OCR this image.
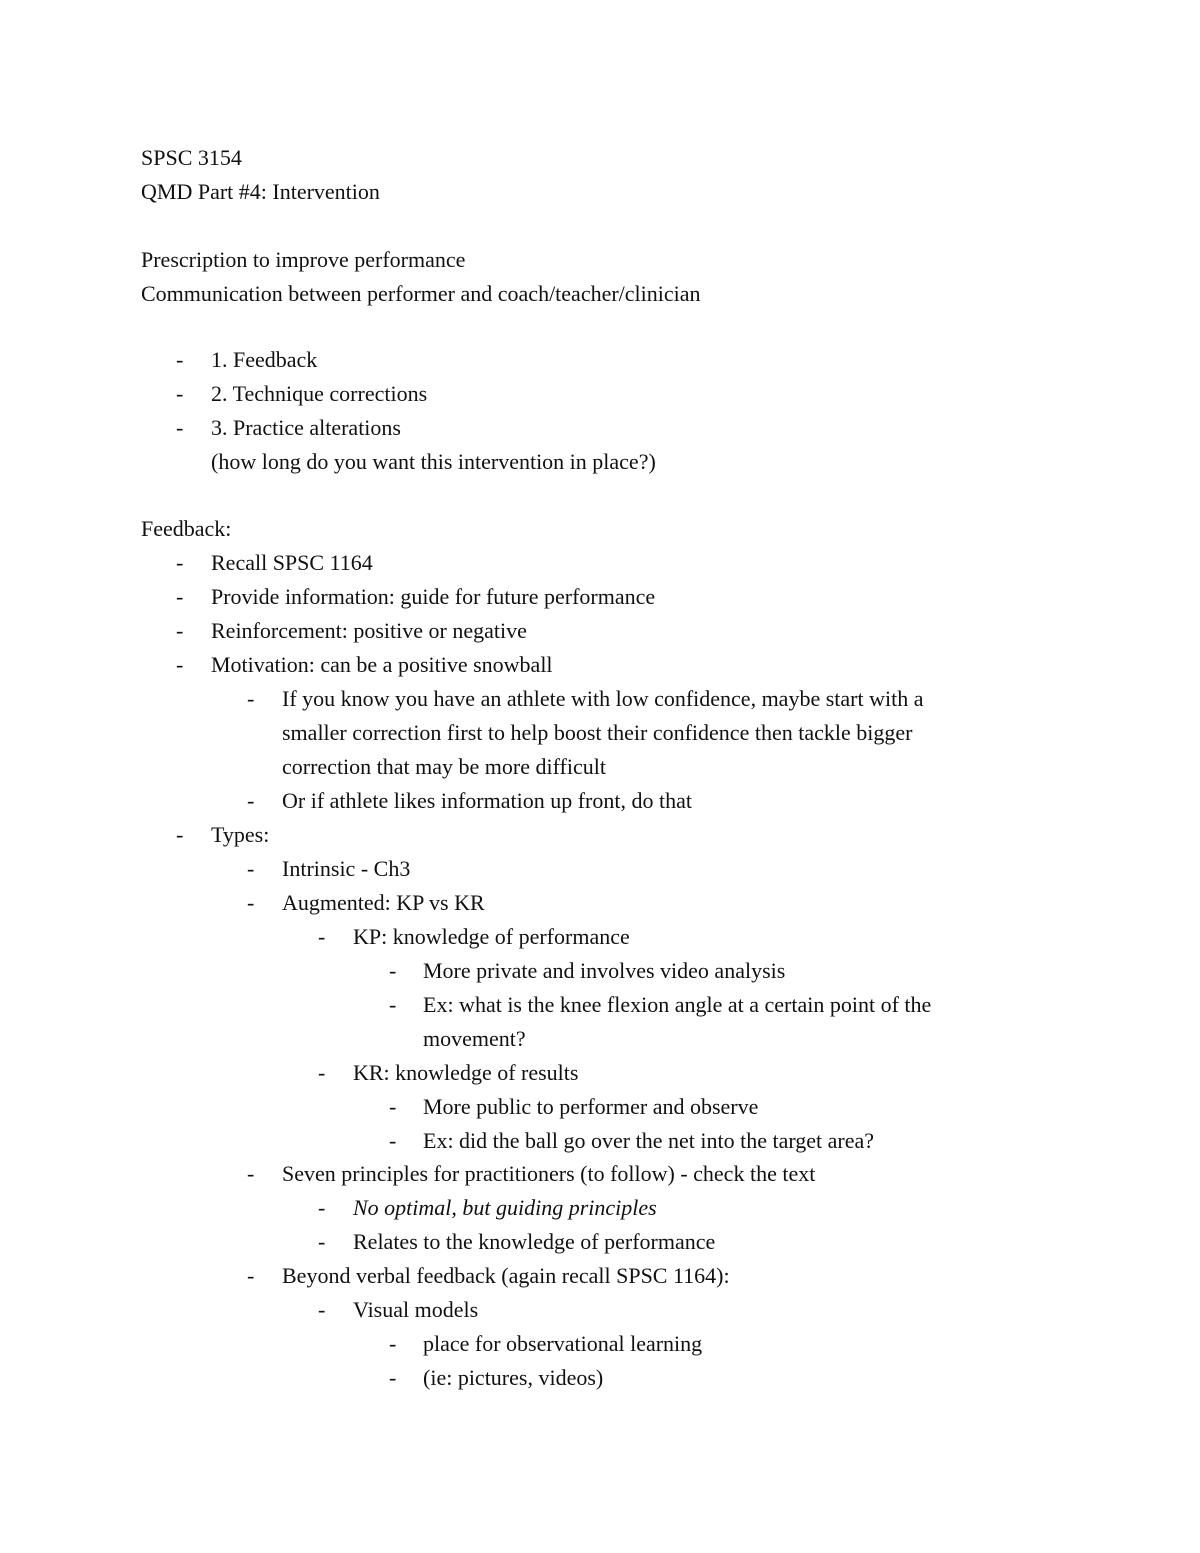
SPSC 3154
QMD Part #4: Intervention
Prescription to improve performance
Communication between performer and coach/teacher/clinician
- 1. Feedback
- 2. Technique corrections
- 3. Practice alterations
(how long do you want this intervention in place?)
Feedback:
- Recall SPSC 1164
- Provide information: guide for future performance
- Reinforcement: positive or negative
- Motivation: can be a positive snowball
- If you know you have an athlete with low confidence, maybe start with a
smaller correction first to help boost their confidence then tackle bigger
correction that may be more difficult
- Or if athlete likes information up front, do that
- Types:
- Intrinsic - Ch3
- Augmented: KP vs KR
- KP: knowledge of performance
- More private and involves video analysis
- Ex: what is the knee flexion angle at a certain point of the
movement?
- KR: knowledge of results
- More public to performer and observe
- Ex: did the ball go over the net into the target area?
- Seven principles for practitioners (to follow) - check the text
- No optimal, but guiding principles
- Relates to the knowledge of performance
- Beyond verbal feedback (again recall SPSC 1164):
- Visual models
- place for observational learning
- (ie: pictures, videos)
